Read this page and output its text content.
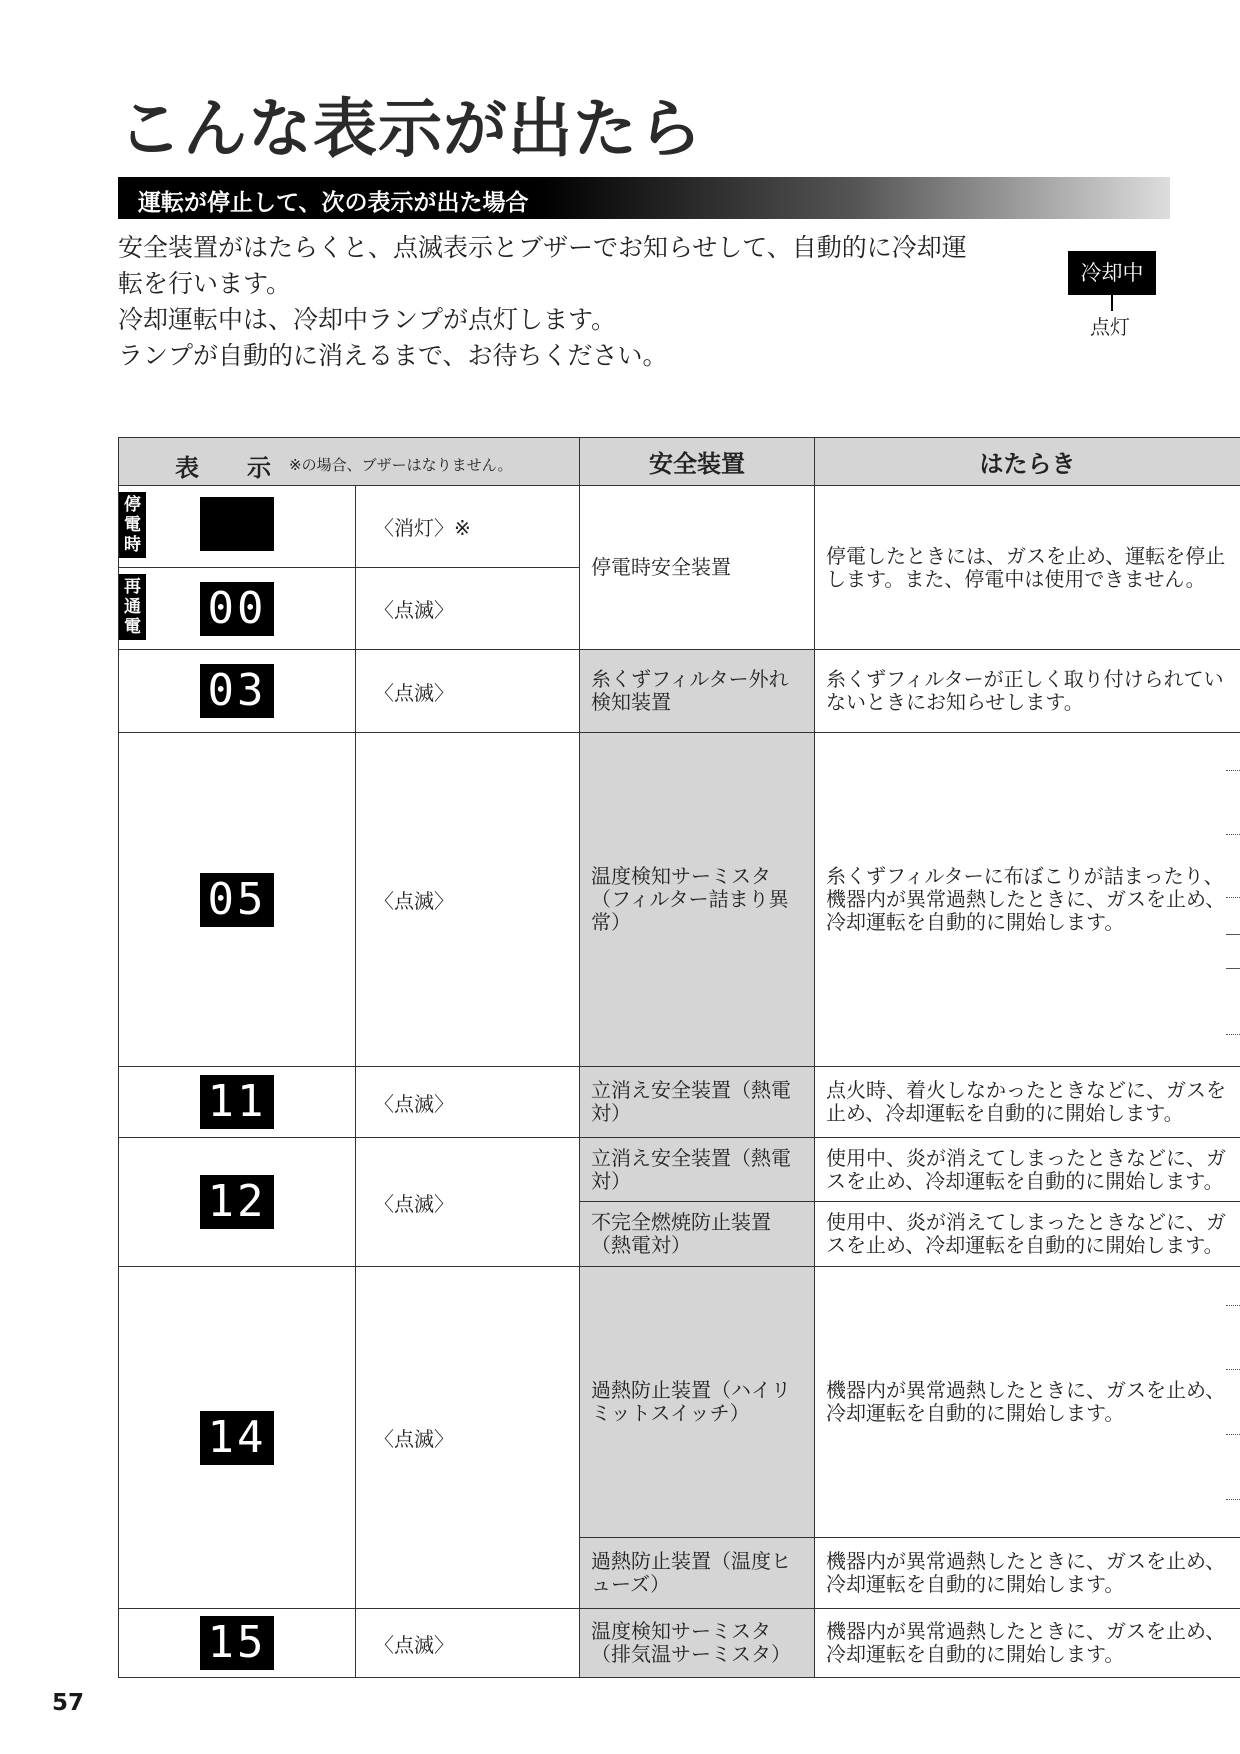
こんな表示が出たら
運転が停止して、次の表示が出た場合

安全装置がはたらくと、点滅表示とブザーでお知らせして、自動的に冷却運

転を行います。

冷却運転中は、冷却中ランプが点灯します。

ランプが自動的に消えるまで、お待ちください。

冷却中
点灯
表 示 ※の場合、ブザーはなりません。		安全装置	はたらき

停
電
時	〈消灯〉※	停電時安全装置	停電したときには、ガスを止め、運転を停止します。また、停電中は使用できません。

再
通
電 00	〈点滅〉		
03	〈点滅〉	糸くずフィルター外れ検知装置	糸くずフィルターが正しく取り付けられていないときにお知らせします。
05	〈点滅〉	温度検知サーミスタ（フィルター詰まり異常）	糸くずフィルターに布ぼこりが詰まったり、機器内が異常過熱したときに、ガスを止め、冷却運転を自動的に開始します。
11	〈点滅〉	立消え安全装置（熱電対）	点火時、着火しなかったときなどに、ガスを止め、冷却運転を自動的に開始します。
12	〈点滅〉	立消え安全装置（熱電対）	使用中、炎が消えてしまったときなどに、ガスを止め、冷却運転を自動的に開始します。
		不完全燃焼防止装置（熱電対）	使用中、炎が消えてしまったときなどに、ガスを止め、冷却運転を自動的に開始します。
14	〈点滅〉	過熱防止装置（ハイリミットスイッチ）	機器内が異常過熱したときに、ガスを止め、冷却運転を自動的に開始します。
		過熱防止装置（温度ヒューズ）	機器内が異常過熱したときに、ガスを止め、冷却運転を自動的に開始します。
15	〈点滅〉	温度検知サーミスタ（排気温サーミスタ）	機器内が異常過熱したときに、ガスを止め、冷却運転を自動的に開始します。
57
